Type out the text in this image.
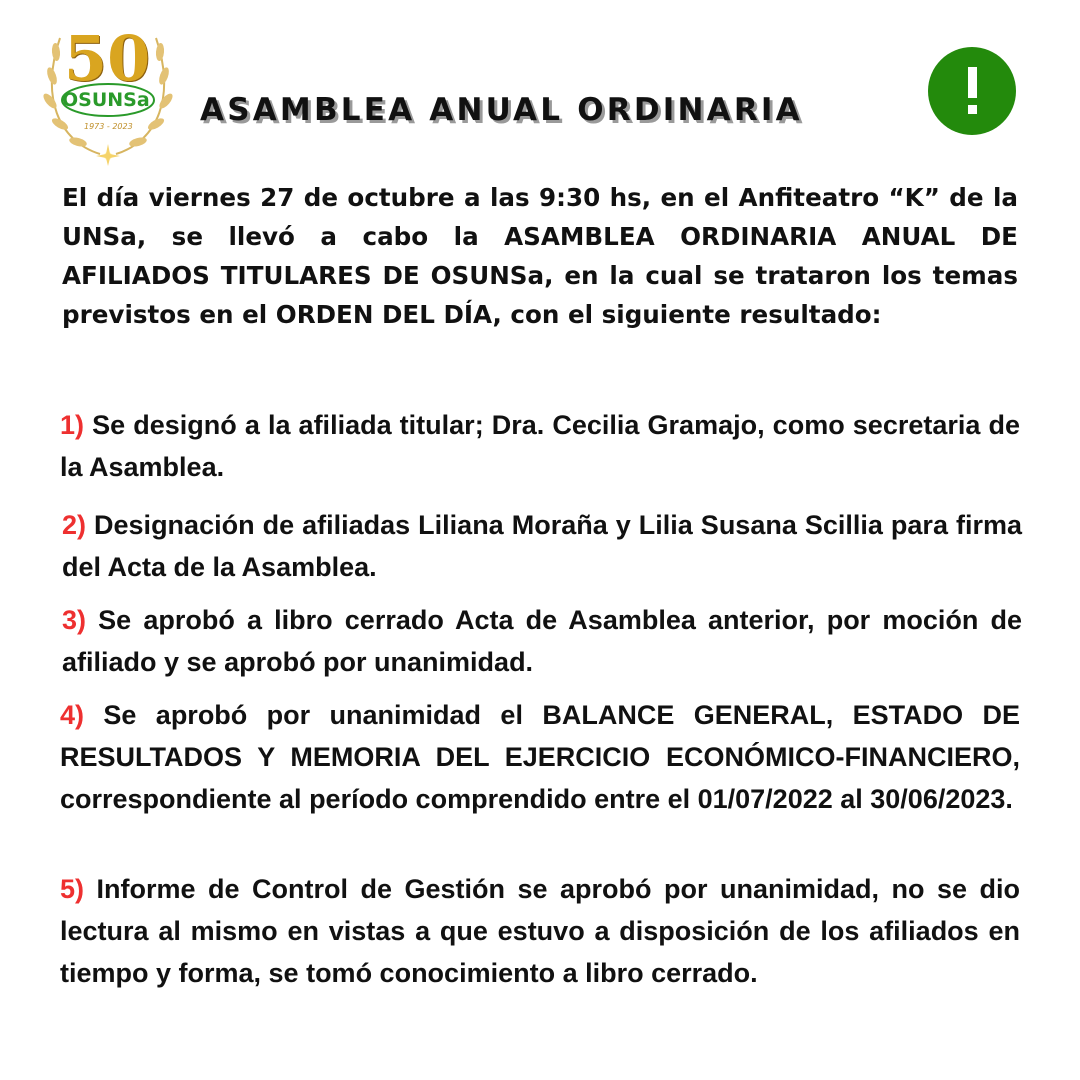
50
OSUNSa
1973 - 2023 ASAMBLEA ANUAL ORDINARIA
El día viernes 27 de octubre a las 9:30 hs, en el Anfiteatro “K” de la UNSa, se llevó a cabo la ASAMBLEA ORDINARIA ANUAL DE AFILIADOS TITULARES DE OSUNSa, en la cual se trataron los temas previstos en el ORDEN DEL DÍA, con el siguiente resultado:
1) Se designó a la afiliada titular; Dra. Cecilia Gramajo, como secretaria de la Asamblea.
2) Designación de afiliadas Liliana Moraña y Lilia Susana Scillia para firma del Acta de la Asamblea.
3) Se aprobó a libro cerrado Acta de Asamblea anterior, por moción de afiliado y se aprobó por unanimidad.
4) Se aprobó por unanimidad el BALANCE GENERAL, ESTADO DE RESULTADOS Y MEMORIA DEL EJERCICIO ECONÓMICO-FINANCIERO, correspondiente al período comprendido entre el 01/07/2022 al 30/06/2023.
5) Informe de Control de Gestión se aprobó por unanimidad, no se dio lectura al mismo en vistas a que estuvo a disposición de los afiliados en tiempo y forma, se tomó conocimiento a libro cerrado.
